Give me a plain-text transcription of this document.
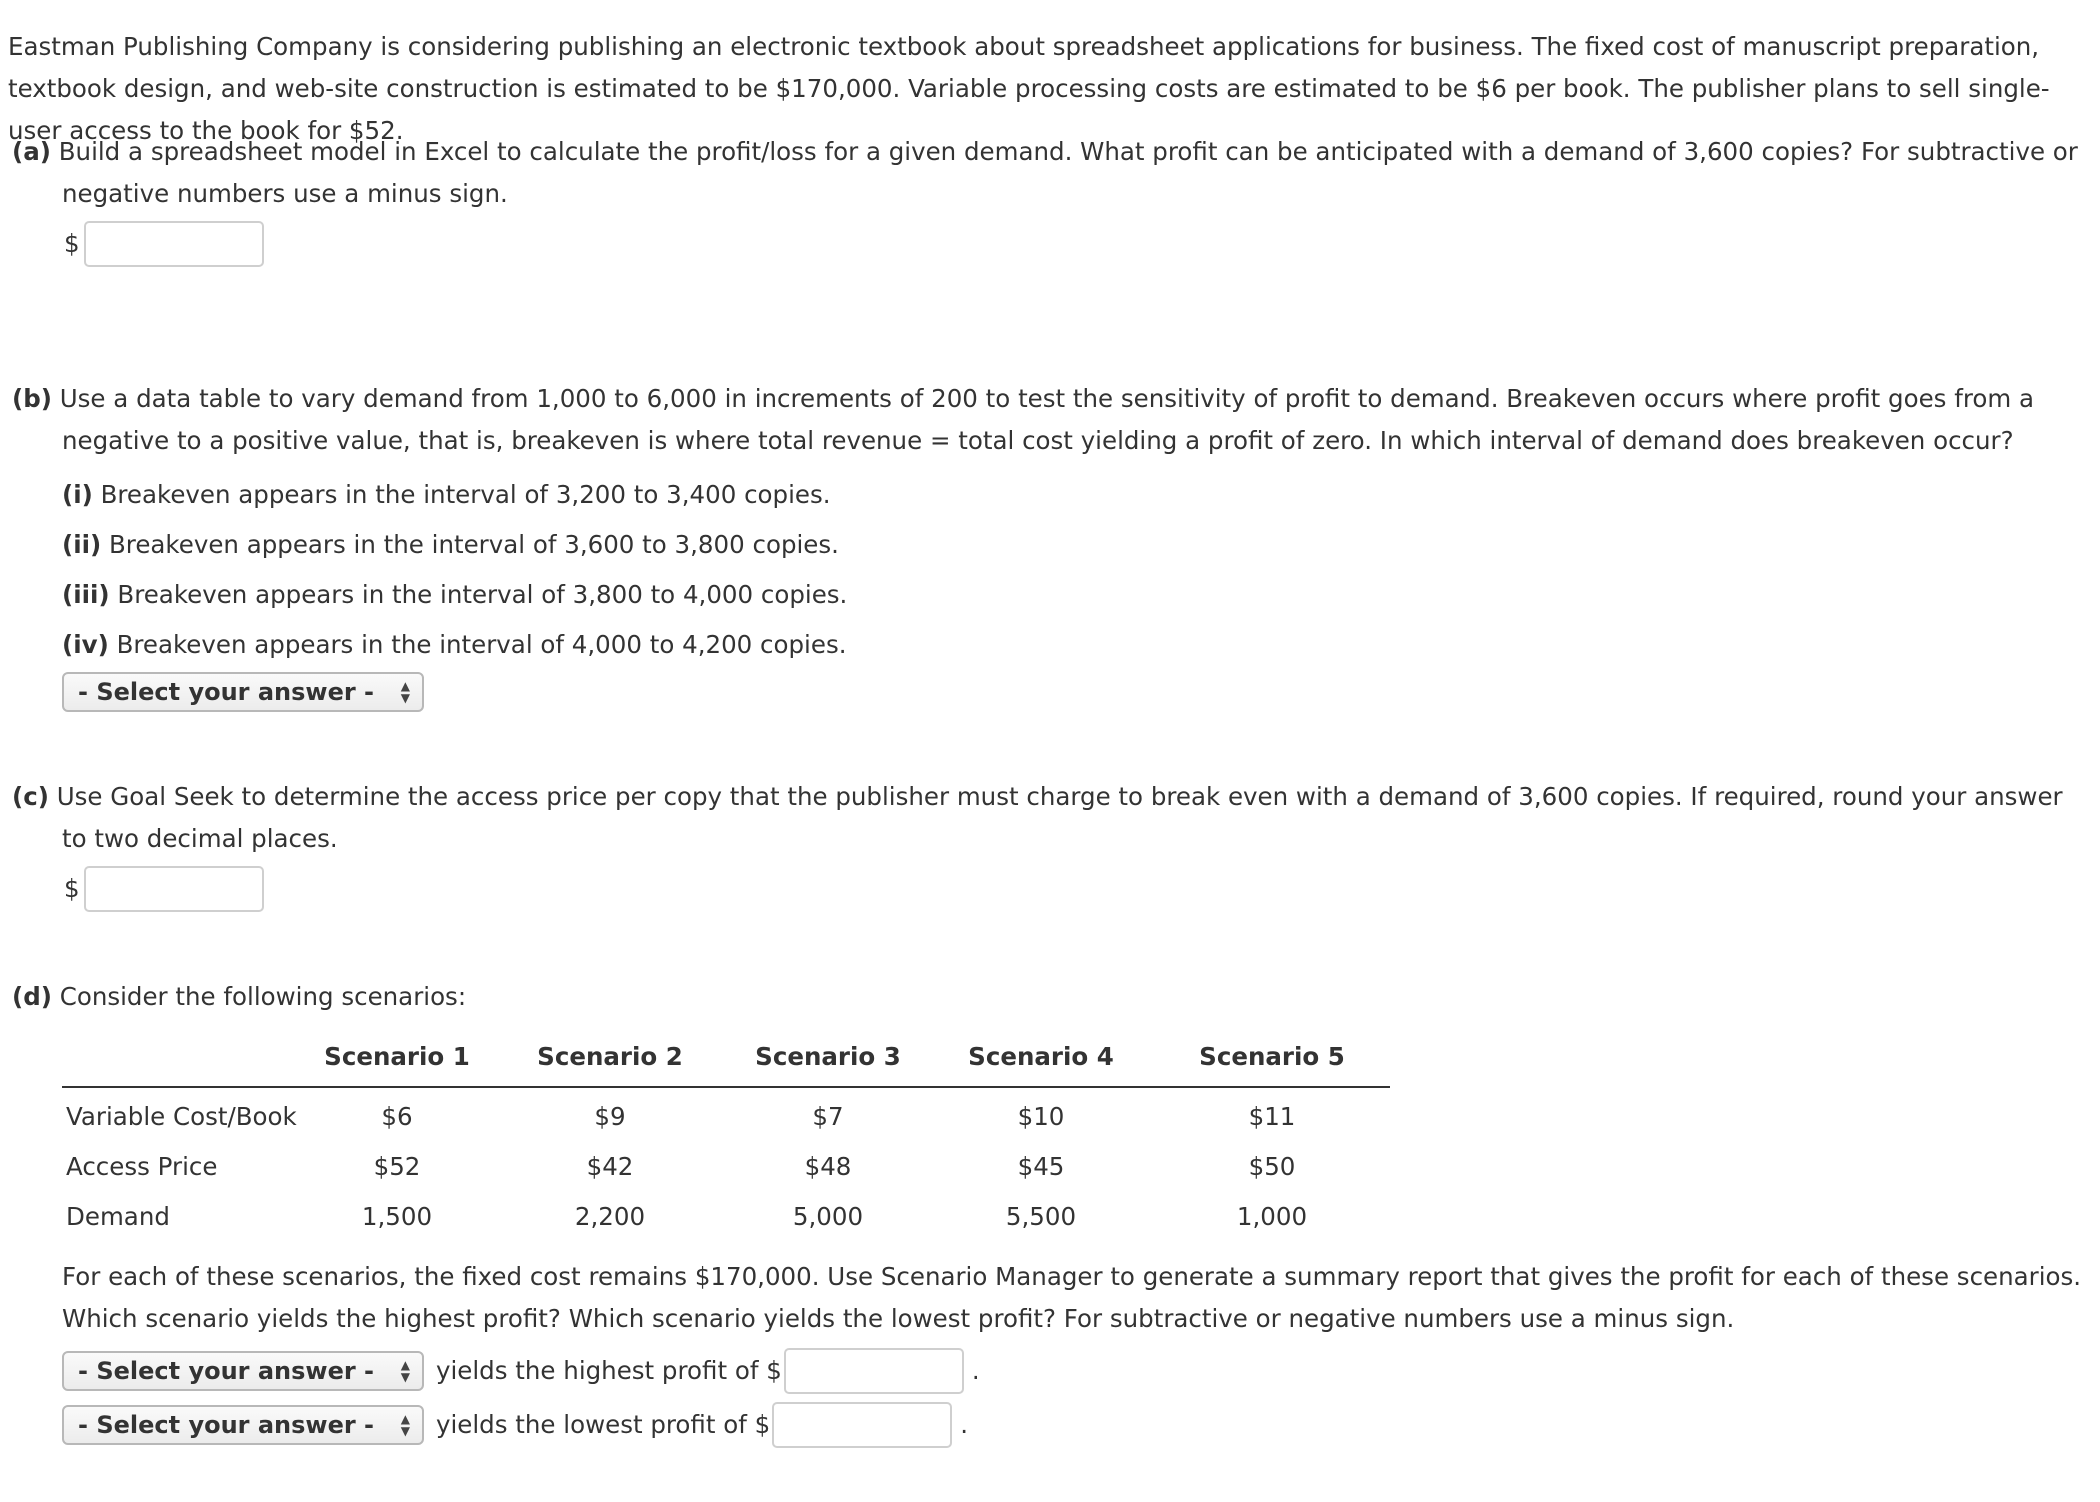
Eastman Publishing Company is considering publishing an electronic textbook about spreadsheet applications for business. The fixed cost of manuscript preparation, textbook design, and web-site construction is estimated to be $170,000. Variable processing costs are estimated to be $6 per book. The publisher plans to sell single-user access to the book for $52.
(a) Build a spreadsheet model in Excel to calculate the profit/loss for a given demand. What profit can be anticipated with a demand of 3,600 copies? For subtractive or negative numbers use a minus sign.
$
(b) Use a data table to vary demand from 1,000 to 6,000 in increments of 200 to test the sensitivity of profit to demand. Breakeven occurs where profit goes from a negative to a positive value, that is, breakeven is where total revenue = total cost yielding a profit of zero. In which interval of demand does breakeven occur?
(i) Breakeven appears in the interval of 3,200 to 3,400 copies.
(ii) Breakeven appears in the interval of 3,600 to 3,800 copies.
(iii) Breakeven appears in the interval of 3,800 to 4,000 copies.
(iv) Breakeven appears in the interval of 4,000 to 4,200 copies.
- Select your answer - ▲
▼
(c) Use Goal Seek to determine the access price per copy that the publisher must charge to break even with a demand of 3,600 copies. If required, round your answer to two decimal places.
$
(d) Consider the following scenarios:
	Scenario 1	Scenario 2	Scenario 3	Scenario 4	Scenario 5
Variable Cost/Book	$6	$9	$7	$10	$11
Access Price	$52	$42	$48	$45	$50
Demand	1,500	2,200	5,000	5,500	1,000
For each of these scenarios, the fixed cost remains $170,000. Use Scenario Manager to generate a summary report that gives the profit for each of these scenarios. Which scenario yields the highest profit? Which scenario yields the lowest profit? For subtractive or negative numbers use a minus sign.
- Select your answer - ▲
▼ yields the highest profit of $	.
- Select your answer - ▲
▼ yields the lowest profit of $	.
